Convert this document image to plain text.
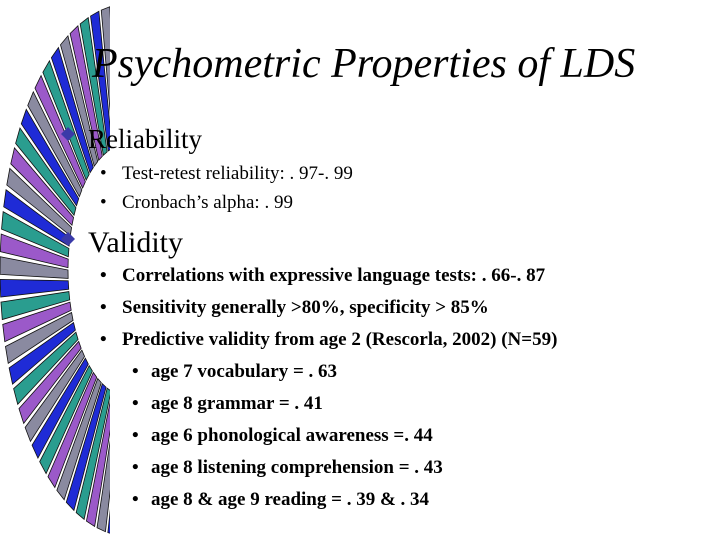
Psychometric Properties of LDS
Reliability
• Test-retest reliability: . 97-. 99
• Cronbach’s alpha: . 99
Validity
• Correlations with expressive language tests: . 66-. 87
• Sensitivity generally >80%, specificity > 85%
• Predictive validity from age 2 (Rescorla, 2002) (N=59)
• age 7 vocabulary = . 63
• age 8 grammar = . 41
• age 6 phonological awareness =. 44
• age 8 listening comprehension = . 43
• age 8 & age 9 reading = . 39 & . 34
